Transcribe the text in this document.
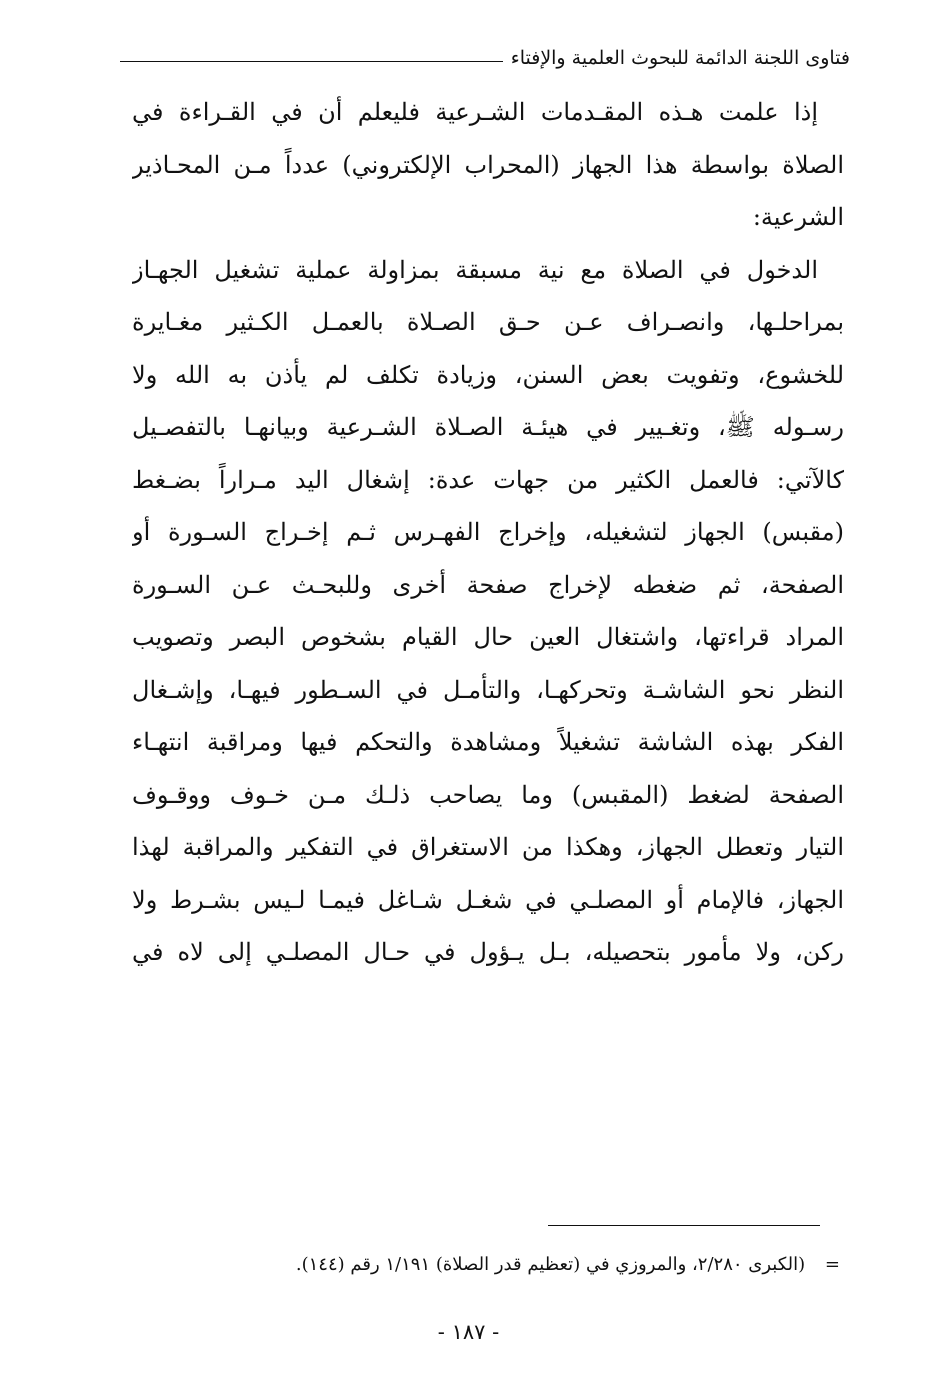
فتاوى اللجنة الدائمة للبحوث العلمية والإفتاء
إذا علمت هـذه المقـدمات الشـرعية فليعلم أن في القـراءة في
الصلاة بواسطة هذا الجهاز (المحراب الإلكتروني) عدداً مـن المحـاذير
الشرعية:
الدخول في الصلاة مع نية مسبقة بمزاولة عملية تشغيل الجهـاز
بمراحلـها، وانصـراف عـن حـق الصـلاة بالعمـل الكـثير مغـايرة
للخشوع، وتفويت بعض السنن، وزيادة تكلف لم يأذن به الله ولا
رسـوله ﷺ، وتغـيير في هيئـة الصـلاة الشـرعية وبيانهـا بالتفصـيل
كالآتي: فالعمل الكثير من جهات عدة: إشغال اليد مـراراً بضـغط
(مقبس) الجهاز لتشغيله، وإخراج الفهـرس ثـم إخـراج السـورة أو
الصفحة، ثم ضغطه لإخراج صفحة أخرى وللبحـث عـن السـورة
المراد قراءتها، واشتغال العين حال القيام بشخوص البصر وتصويب
النظر نحو الشاشـة وتحركهـا، والتأمـل في السـطور فيهـا، وإشـغال
الفكر بهذه الشاشة تشغيلاً ومشاهدة والتحكم فيها ومراقبة انتهـاء
الصفحة لضغط (المقبس) وما يصاحب ذلـك مـن خـوف ووقـوف
التيار وتعطل الجهاز، وهكذا من الاستغراق في التفكير والمراقبة لهذا
الجهاز، فالإمام أو المصلـي في شغـل شـاغل فيمـا لـيس بشـرط ولا
ركن، ولا مأمور بتحصيله، بـل يـؤول في حـال المصلـي إلى لاه في
= (الكبرى ٢/٢٨٠، والمروزي في (تعظيم قدر الصلاة) ١/١٩١ رقم (١٤٤).
- ١٨٧ -
